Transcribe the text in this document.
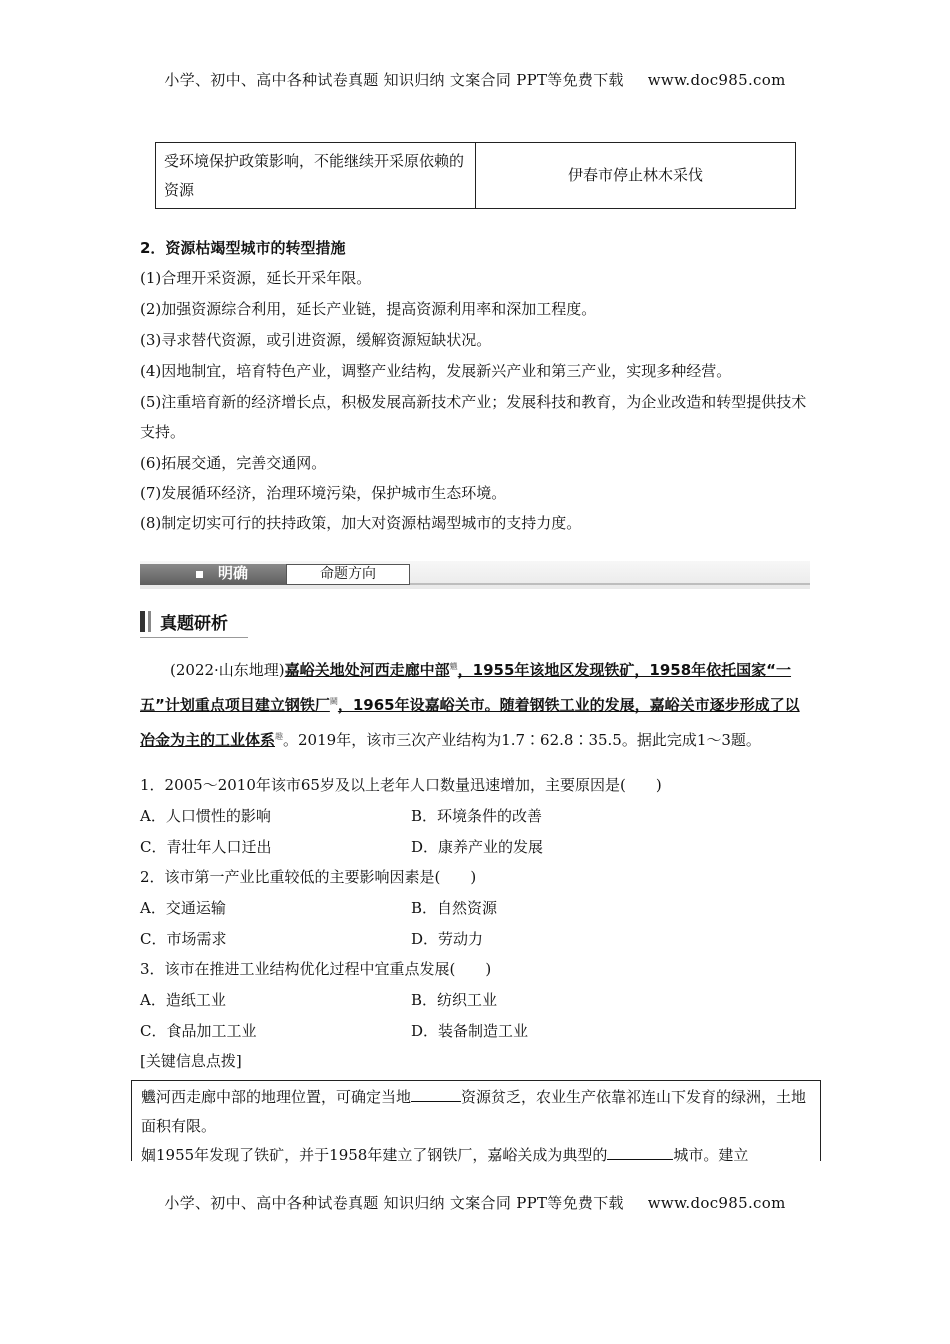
小学、初中、高中各种试卷真题 知识归纳 文案合同 PPT等免费下载 www.doc985.com
受环境保护政策影响，不能继续开采原依赖的资源	伊春市停止林木采伐
2．资源枯竭型城市的转型措施
(1)合理开采资源，延长开采年限。
(2)加强资源综合利用，延长产业链，提高资源利用率和深加工程度。
(3)寻求替代资源，或引进资源，缓解资源短缺状况。
(4)因地制宜，培育特色产业，调整产业结构，发展新兴产业和第三产业，实现多种经营。
(5)注重培育新的经济增长点，积极发展高新技术产业；发展科技和教育，为企业改造和转型提供技术支持。
(6)拓展交通，完善交通网。
(7)发展循环经济，治理环境污染，保护城市生态环境。
(8)制定切实可行的扶持政策，加大对资源枯竭型城市的支持力度。
明确	命题方向
真题研析
(2022·山东地理)嘉峪关地处河西走廊中部$^魕$，1955年该地区发现铁矿，1958年依托国家“一五”计划重点项目建立钢铁厂$^鬭$，1965年设嘉峪关市。随着钢铁工业的发展，嘉峪关市逐步形成了以冶金为主的工业体系$^趣$。2019年，该市三次产业结构为1.7∶62.8∶35.5。据此完成1～3题。
1．2005～2010年该市65岁及以上老年人口数量迅速增加，主要原因是(　　)
A．人口惯性的影响	B．环境条件的改善
C．青壮年人口迁出	D．康养产业的发展
2．该市第一产业比重较低的主要影响因素是(　　)
A．交通运输	B．自然资源
C．市场需求	D．劳动力
3．该市在推进工业结构优化过程中宜重点发展(　　)
A．造纸工业	B．纺织工业
C．食品加工工业	D．装备制造工业
[关键信息点拨]
魕河西走廊中部的地理位置，可确定当地	资源贫乏，农业生产依靠祁连山下发育的绿洲，土地面积有限。
婟1955年发现了铁矿，并于1958年建立了钢铁厂，嘉峪关成为典型的	城市。建立
小学、初中、高中各种试卷真题 知识归纳 文案合同 PPT等免费下载 www.doc985.com
